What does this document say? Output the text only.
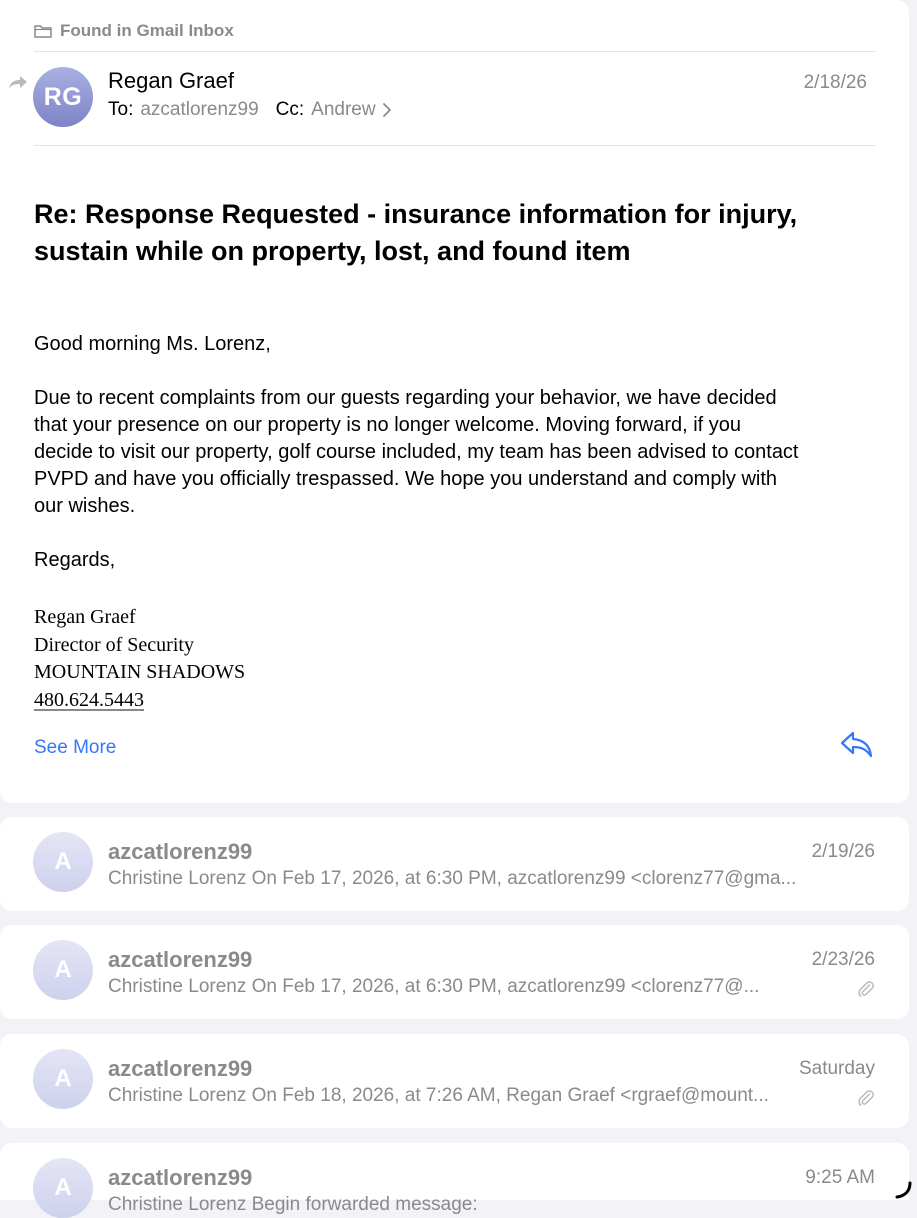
Found in Gmail Inbox
RG
Regan Graef	2/18/26
To: azcatlorenz99 Cc: Andrew
Re: Response Requested - insurance information for injury,
sustain while on property, lost, and found item

Good morning Ms. Lorenz,

Due to recent complaints from our guests regarding your behavior, we have decided

that your presence on our property is no longer welcome. Moving forward, if you

decide to visit our property, golf course included, my team has been advised to contact

PVPD and have you officially trespassed. We hope you understand and comply with

our wishes.

Regards,

Regan Graef
Director of Security
MOUNTAIN SHADOWS
480.624.5443
See More
A	azcatlorenz99	2/19/26
Christine Lorenz On Feb 17, 2026, at 6:30 PM, azcatlorenz99 <clorenz77@gma...
A	azcatlorenz99	2/23/26
Christine Lorenz On Feb 17, 2026, at 6:30 PM, azcatlorenz99 <clorenz77@...
A	azcatlorenz99	Saturday
Christine Lorenz On Feb 18, 2026, at 7:26 AM, Regan Graef <rgraef@mount...
A	azcatlorenz99	9:25 AM
Christine Lorenz Begin forwarded message:
